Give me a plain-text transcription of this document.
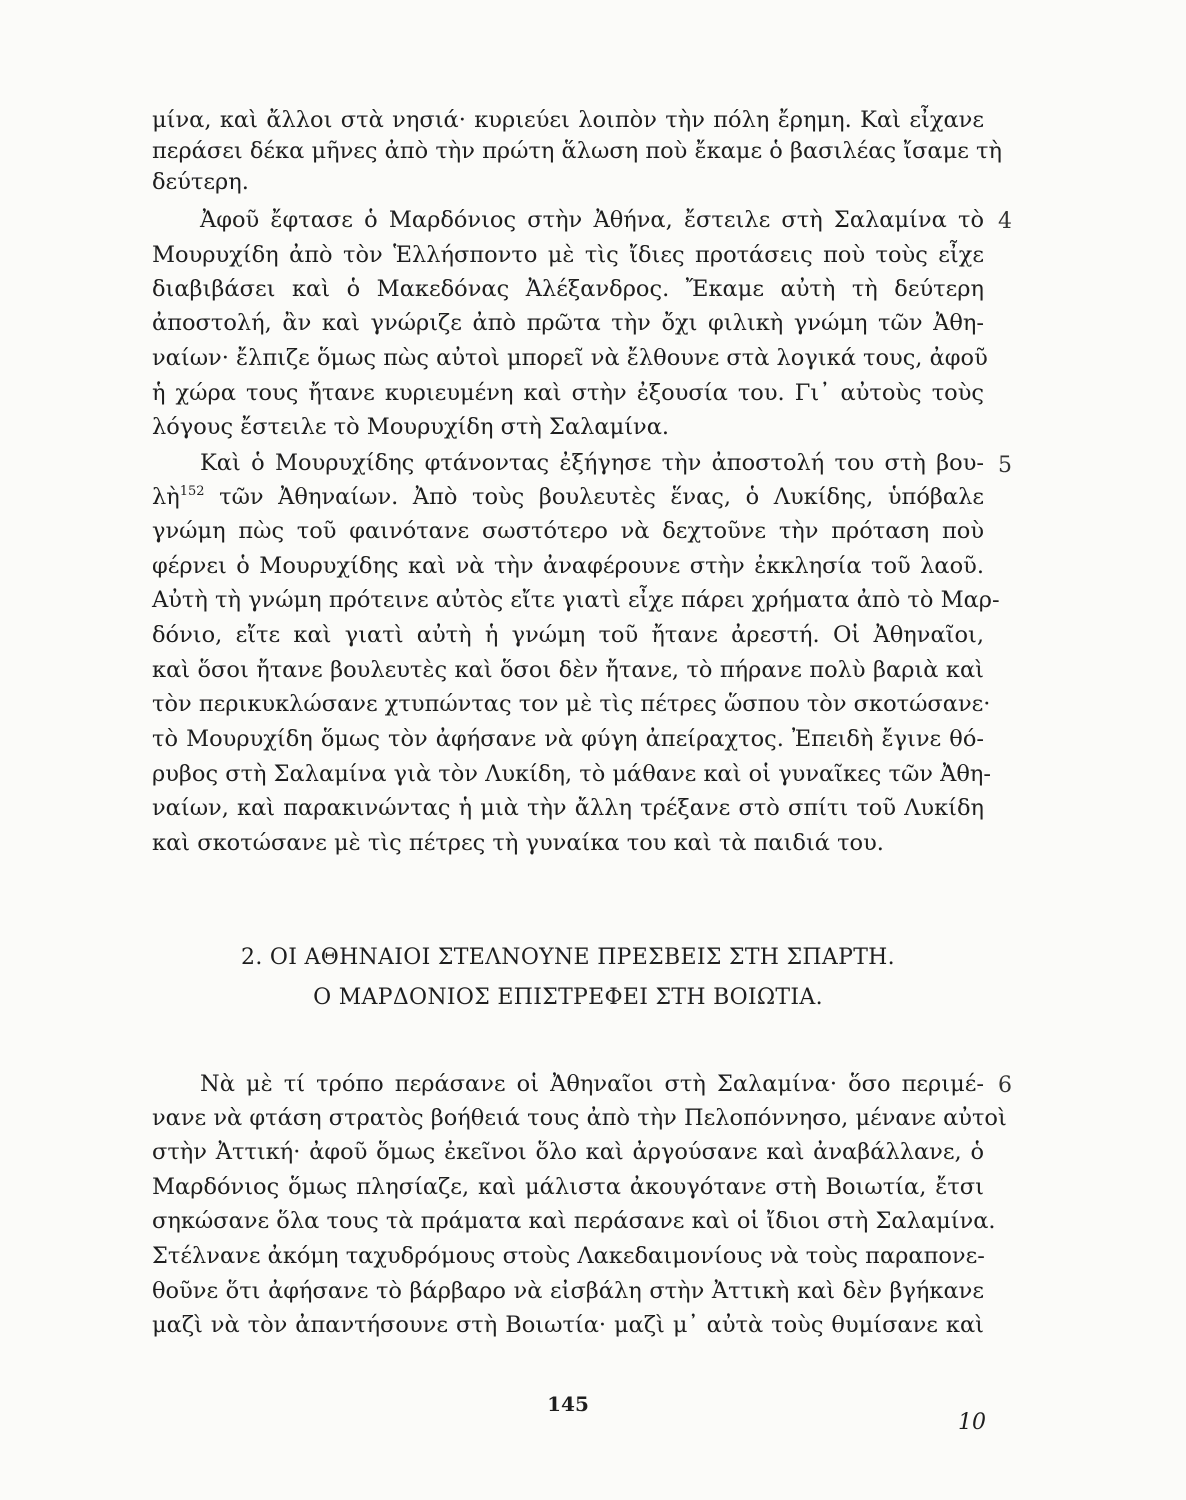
μίνα, καὶ ἄλλοι στὰ νησιά· κυριεύει λοιπὸν τὴν πόλη ἔρημη. Καὶ εἶχανε
περάσει δέκα μῆνες ἀπὸ τὴν πρώτη ἅλωση ποὺ ἔκαμε ὁ βασιλέας ἴσαμε τὴ
δεύτερη.
Ἀφοῦ ἔφτασε ὁ Μαρδόνιος στὴν Ἀθήνα, ἔστειλε στὴ Σαλαμίνα τὸ 4
Μουρυχίδη ἀπὸ τὸν Ἑλλήσποντο μὲ τὶς ἴδιες προτάσεις ποὺ τοὺς εἶχε
διαβιβάσει καὶ ὁ Μακεδόνας Ἀλέξανδρος. Ἔκαμε αὐτὴ τὴ δεύτερη
ἀποστολή, ἂν καὶ γνώριζε ἀπὸ πρῶτα τὴν ὄχι φιλικὴ γνώμη τῶν Ἀθη-
ναίων· ἔλπιζε ὅμως πὼς αὐτοὶ μπορεῖ νὰ ἔλθουνε στὰ λογικά τους, ἀφοῦ
ἡ χώρα τους ἤτανε κυριευμένη καὶ στὴν ἐξουσία του. Γι᾿ αὐτοὺς τοὺς
λόγους ἔστειλε τὸ Μουρυχίδη στὴ Σαλαμίνα.
Καὶ ὁ Μουρυχίδης φτάνοντας ἐξήγησε τὴν ἀποστολή του στὴ βου- 5
λὴ$^{152}$ τῶν Ἀθηναίων. Ἀπὸ τοὺς βουλευτὲς ἕνας, ὁ Λυκίδης, ὑπόβαλε
γνώμη πὼς τοῦ φαινότανε σωστότερο νὰ δεχτοῦνε τὴν πρόταση ποὺ
φέρνει ὁ Μουρυχίδης καὶ νὰ τὴν ἀναφέρουνε στὴν ἐκκλησία τοῦ λαοῦ.
Αὐτὴ τὴ γνώμη πρότεινε αὐτὸς εἴτε γιατὶ εἶχε πάρει χρήματα ἀπὸ τὸ Μαρ-
δόνιο, εἴτε καὶ γιατὶ αὐτὴ ἡ γνώμη τοῦ ἤτανε ἀρεστή. Οἱ Ἀθηναῖοι,
καὶ ὅσοι ἤτανε βουλευτὲς καὶ ὅσοι δὲν ἤτανε, τὸ πήρανε πολὺ βαριὰ καὶ
τὸν περικυκλώσανε χτυπώντας τον μὲ τὶς πέτρες ὥσπου τὸν σκοτώσανε·
τὸ Μουρυχίδη ὅμως τὸν ἀφήσανε νὰ φύγη ἀπείραχτος. Ἐπειδὴ ἔγινε θό-
ρυβος στὴ Σαλαμίνα γιὰ τὸν Λυκίδη, τὸ μάθανε καὶ οἱ γυναῖκες τῶν Ἀθη-
ναίων, καὶ παρακινώντας ἡ μιὰ τὴν ἄλλη τρέξανε στὸ σπίτι τοῦ Λυκίδη
καὶ σκοτώσανε μὲ τὶς πέτρες τὴ γυναίκα του καὶ τὰ παιδιά του.
2. ΟΙ ΑΘΗΝΑΙΟΙ ΣΤΕΛΝΟΥΝΕ ΠΡΕΣΒΕΙΣ ΣΤΗ ΣΠΑΡΤΗ.
Ο ΜΑΡΔΟΝΙΟΣ ΕΠΙΣΤΡΕΦΕΙ ΣΤΗ ΒΟΙΩΤΙΑ.
Νὰ μὲ τί τρόπο περάσανε οἱ Ἀθηναῖοι στὴ Σαλαμίνα· ὅσο περιμέ- 6
νανε νὰ φτάση στρατὸς βοήθειά τους ἀπὸ τὴν Πελοπόννησο, μένανε αὐτοὶ
στὴν Ἀττική· ἀφοῦ ὅμως ἐκεῖνοι ὅλο καὶ ἀργούσανε καὶ ἀναβάλλανε, ὁ
Μαρδόνιος ὅμως πλησίαζε, καὶ μάλιστα ἀκουγότανε στὴ Βοιωτία, ἔτσι
σηκώσανε ὅλα τους τὰ πράματα καὶ περάσανε καὶ οἱ ἴδιοι στὴ Σαλαμίνα.
Στέλνανε ἀκόμη ταχυδρόμους στοὺς Λακεδαιμονίους νὰ τοὺς παραπονε-
θοῦνε ὅτι ἀφήσανε τὸ βάρβαρο νὰ εἰσβάλη στὴν Ἀττικὴ καὶ δὲν βγήκανε
μαζὶ νὰ τὸν ἀπαντήσουνε στὴ Βοιωτία· μαζὶ μ᾿ αὐτὰ τοὺς θυμίσανε καὶ
145
10
